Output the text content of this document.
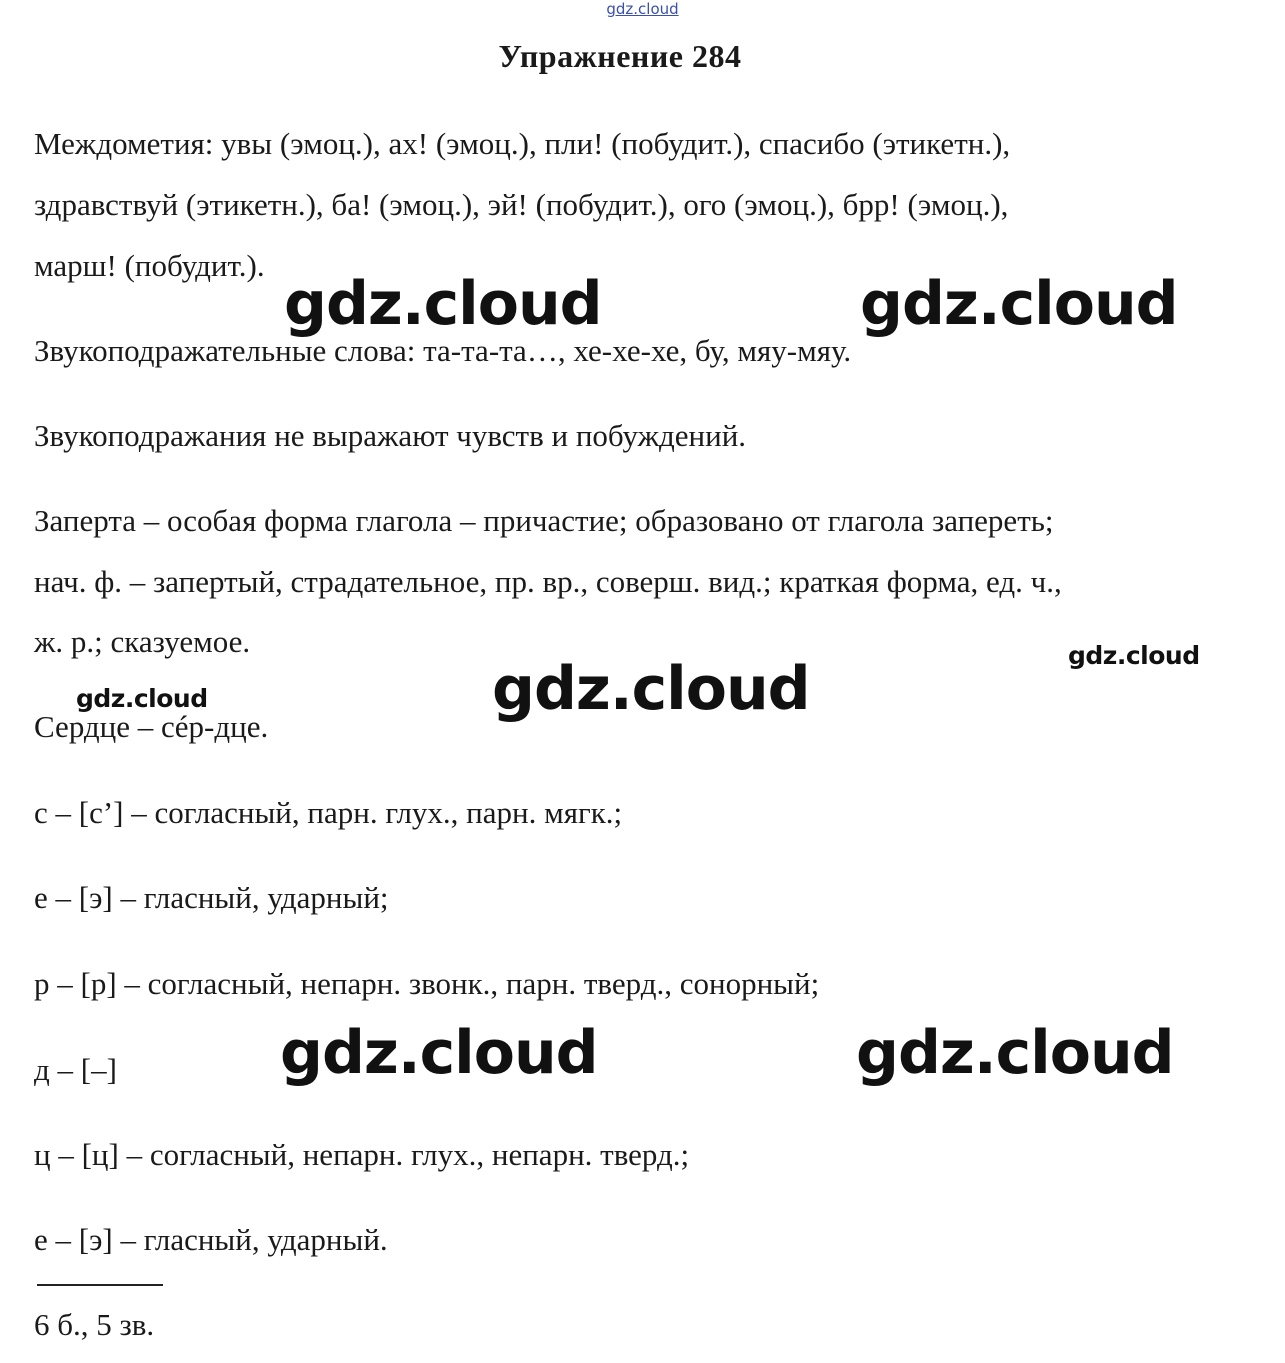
gdz.cloud
Упражнение 284
Междометия: увы (эмоц.), ах! (эмоц.), пли! (побудит.), спасибо (этикетн.),
здравствуй (этикетн.), ба! (эмоц.), эй! (побудит.), ого (эмоц.), брр! (эмоц.),
марш! (побудит.).
Звукоподражательные слова: та-та-та…, хе-хе-хе, бу, мяу-мяу.
Звукоподражания не выражают чувств и побуждений.
Заперта – особая форма глагола – причастие; образовано от глагола запереть;
нач. ф. – запертый, страдательное, пр. вр., соверш. вид.; краткая форма, ед. ч.,
ж. р.; сказуемое.
Сердце – сéр-дце.
с – [с’] – согласный, парн. глух., парн. мягк.;
е – [э] – гласный, ударный;
р – [р] – согласный, непарн. звонк., парн. тверд., сонорный;
д – [–]
ц – [ц] – согласный, непарн. глух., непарн. тверд.;
е – [э] – гласный, ударный.
6 б., 5 зв.
gdz.cloud	gdz.cloud
gdz.cloud
gdz.cloud
gdz.cloud
gdz.cloud	gdz.cloud
